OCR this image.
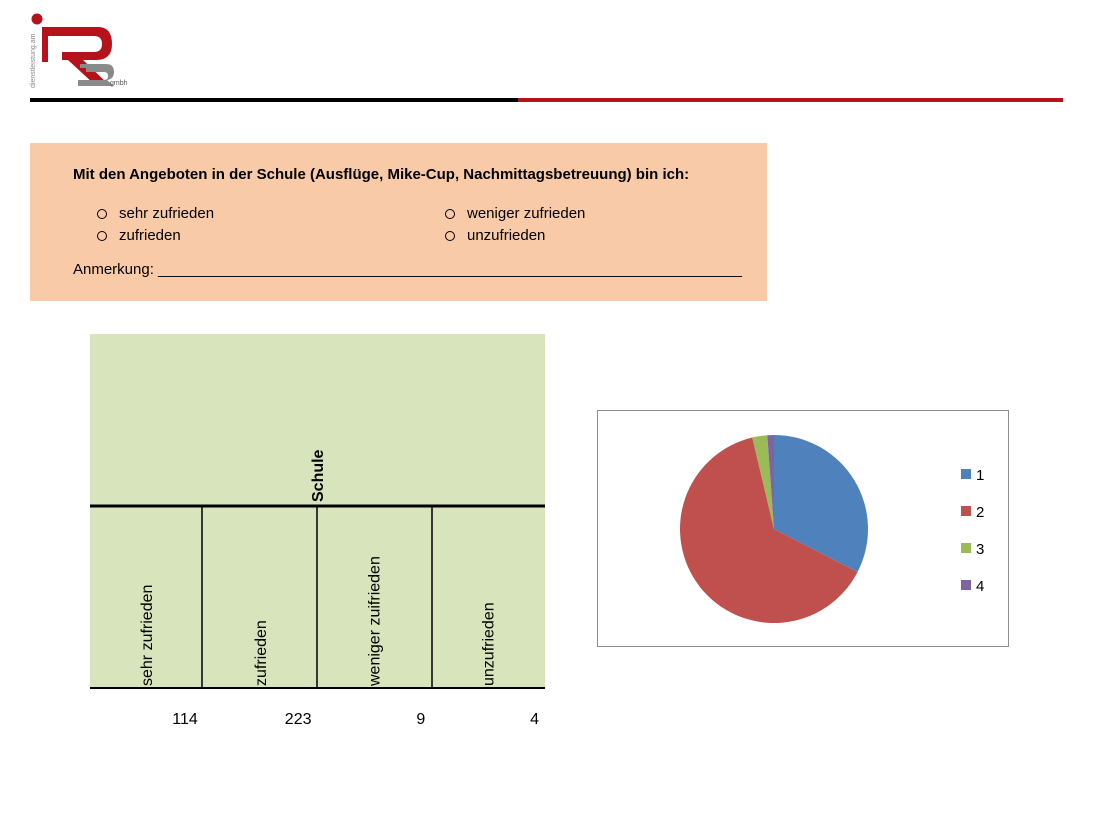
dienstleistung.am	gmbh
Mit den Angeboten in der Schule (Ausflüge, Mike-Cup, Nachmittagsbetreuung) bin ich:
sehr zufrieden
zufrieden
weniger zufrieden
unzufrieden
Anmerkung: ______________________________________________________________________
Schule
sehr zufrieden
114
zufrieden
223
weniger zuifrieden
9
unzufrieden
4
1
2
3
4
